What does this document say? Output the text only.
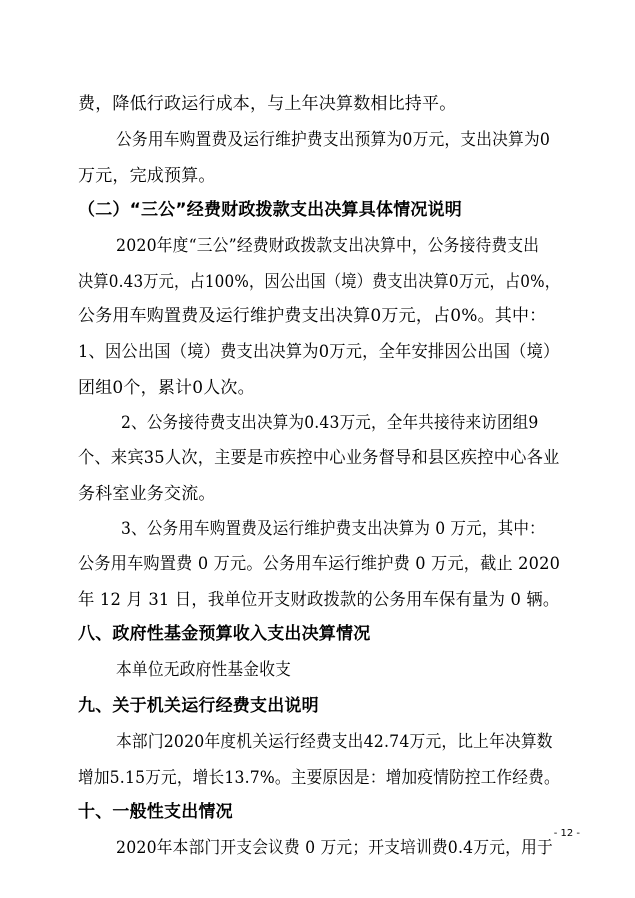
费，降低行政运行成本，与上年决算数相比持平。
公务用车购置费及运行维护费支出预算为0万元，支出决算为0
万元，完成预算。
（二）“三公”经费财政拨款支出决算具体情况说明
2020年度“三公”经费财政拨款支出决算中，公务接待费支出
决算0.43万元，占100%，因公出国（境）费支出决算0万元，占0%，
公务用车购置费及运行维护费支出决算0万元，占0%。其中：
1、因公出国（境）费支出决算为0万元，全年安排因公出国（境）
团组0个，累计0人次。
2、公务接待费支出决算为0.43万元，全年共接待来访团组9
个、来宾35人次，主要是市疾控中心业务督导和县区疾控中心各业
务科室业务交流。
3、公务用车购置费及运行维护费支出决算为 0 万元，其中：
公务用车购置费 0 万元。公务用车运行维护费 0 万元，截止 2020
年 12 月 31 日，我单位开支财政拨款的公务用车保有量为 0 辆。
八、政府性基金预算收入支出决算情况
本单位无政府性基金收支
九、关于机关运行经费支出说明
本部门2020年度机关运行经费支出42.74万元，比上年决算数
增加5.15万元，增长13.7%。主要原因是：增加疫情防控工作经费。
十、一般性支出情况
2020年本部门开支会议费 0 万元；开支培训费0.4万元，用于
- 12 -
